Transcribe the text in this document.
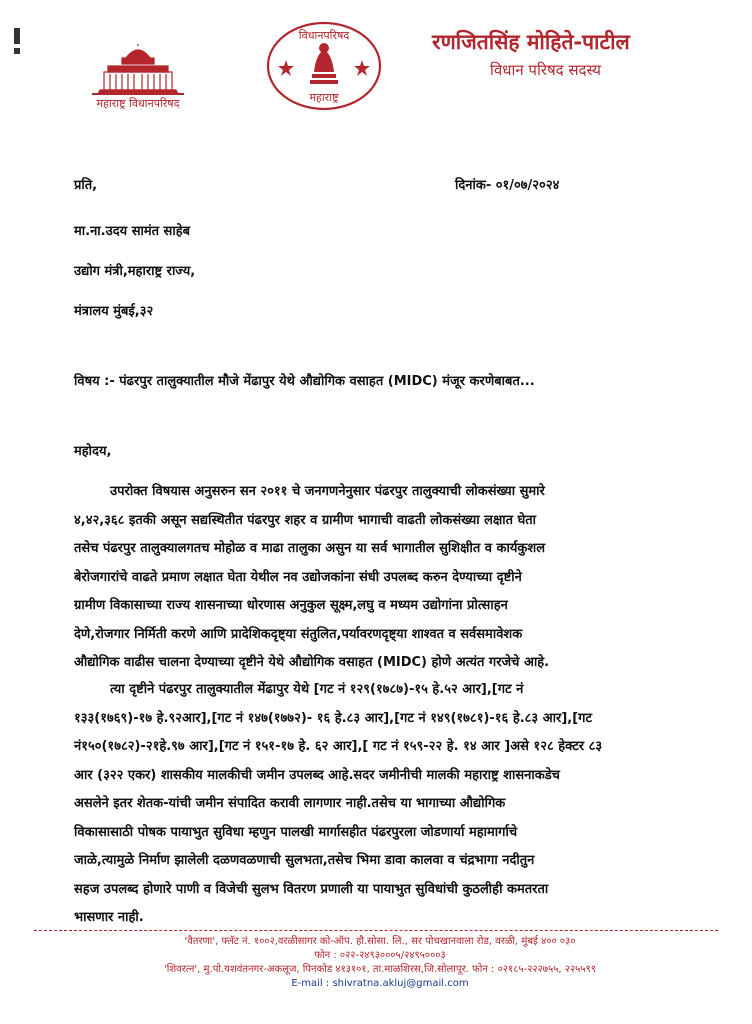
महाराष्ट्र विधानपरिषद
विधानपरिषद
महाराष्ट्र
रणजितसिंह मोहिते-पाटील
विधान परिषद सदस्य
प्रति,	दिनांक- ०१/०७/२०२४
मा.ना.उदय सामंत साहेब
उद्योग मंत्री,महाराष्ट्र राज्य,
मंत्रालय मुंबई,३२
विषय :- पंढरपुर तालुक्यातील मौजे मेंढापुर येथे औद्योगिक वसाहत (MIDC) मंजूर करणेबाबत...
महोदय,
उपरोक्त विषयास अनुसरुन सन २०११ चे जनगणनेनुसार पंढरपुर तालुक्याची लोकसंख्या सुमारे
४,४२,३६८ इतकी असून सद्यस्थितीत पंढरपुर शहर व ग्रामीण भागाची वाढती लोकसंख्या लक्षात घेता
तसेच पंढरपुर तालुक्यालगतच मोहोळ व माढा तालुका असुन या सर्व भागातील सुशिक्षीत व कार्यकुशल
बेरोजगारांचे वाढते प्रमाण लक्षात घेता येथील नव उद्योजकांना संधी उपलब्द करुन देण्याच्या दृष्टीने
ग्रामीण विकासाच्या राज्य शासनाच्या धोरणास अनुकुल सूक्ष्म,लघु व मध्यम उद्योगांना प्रोत्साहन
देणे,रोजगार निर्मिती करणे आणि प्रादेशिकदृष्ट्या संतुलित,पर्यावरणदृष्ट्या शाश्वत व सर्वसमावेशक
औद्योगिक वाढीस चालना देण्याच्या दृष्टीने येथे औद्योगिक वसाहत (MIDC) होणे अत्यंत गरजेचे आहे.
त्या दृष्टीने पंढरपुर तालुक्यातील मेंढापुर येथे [गट नं १२९(१७८७)-१५ हे.५२ आर],[गट नं
१३३(१७६९)-१७ हे.९२आर],[गट नं १४७(१७७२)- १६ हे.८३ आर],[गट नं १४९(१७८१)-१६ हे.८३ आर],[गट
नं१५०(१७८२)-२१हे.९७ आर],[गट नं १५१-१७ हे. ६२ आर],[ गट नं १५९-२२ हे. १४ आर ]असे १२८ हेक्टर ८३
आर (३२२ एकर) शासकीय मालकीची जमीन उपलब्द आहे.सदर जमीनीची मालकी महाराष्ट्र शासनाकडेच
असलेने इतर शेतक-यांची जमीन संपादित करावी लागणार नाही.तसेच या भागाच्या औद्योगिक
विकासासाठी पोषक पायाभुत सुविधा म्हणुन पालखी मार्गासहीत पंढरपुरला जोडणार्या महामार्गाचे
जाळे,त्यामुळे निर्माण झालेली दळणवळणाची सुलभता,तसेच भिमा डावा कालवा व चंद्रभागा नदीतुन
सहज उपलब्द होणारे पाणी व विजेची सुलभ वितरण प्रणाली या पायाभुत सुविधांची कुठलीही कमतरता
भासणार नाही.
'वैतरणा', फ्लॅट नं. १००२,वरळीसागर को-ऑप. हौ.सोसा. लि., सर पोचखानवाला रोड, वरळी, मुंबई ४०० ०३०
फोन : ०२२-२४९३०००५/२४९५०००३
'शिवरत्न', मु.पो.यशवंतनगर-अकलूज, पिनकोड ४१३१०१, ता.माळशिरस,जि.सोलापूर. फोन : ०२१८५-२२२७५५, २२५५९९
E-mail : shivratna.akluj@gmail.com
